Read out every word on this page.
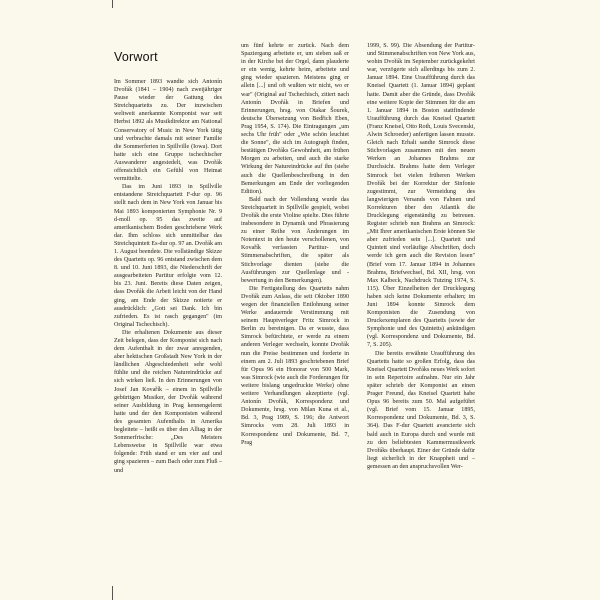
Vorwort

Im Sommer 1893 wandte sich Antonín Dvořák (1841 – 1904) nach zweijähriger Pause wieder der Gattung des Streichquartetts zu. Der inzwischen weltweit anerkannte Komponist war seit Herbst 1892 als Musikdirektor am National Conservatory of Music in New York tätig und verbrachte damals mit seiner Familie die Sommerferien in Spillville (Iowa). Dort hatte sich eine Gruppe tschechischer Auswanderer angesiedelt, was Dvořák offensichtlich ein Gefühl von Heimat vermittelte.

Das im Juni 1893 in Spillville entstandene Streichquartett F-dur op. 96 stellt nach dem in New York von Januar bis Mai 1893 komponierten Symphonie Nr. 9 d-moll op. 95 das zweite auf amerikanischem Boden geschriebene Werk dar. Ihm schloss sich unmittelbar das Streichquintett Es-dur op. 97 an. Dvořák am 1. August beendete. Die vollständige Skizze des Quartetts op. 96 entstand zwischen dem 8. und 10. Juni 1893, die Niederschrift der ausgearbeiteten Partitur erfolgte vom 12. bis 23. Juni. Bereits diese Daten zeigen, dass Dvořák die Arbeit leicht von der Hand ging, am Ende der Skizze notierte er ausdrücklich: „Gott sei Dank. Ich bin zufrieden. Es ist rasch gegangen" (im Original Tschechisch).

Die erhaltenen Dokumente aus dieser Zeit belegen, dass der Komponist sich nach dem Aufenthalt in der zwar anregenden, aber hektischen Großstadt New York in der ländlichen Abgeschiedenheit sehr wohl fühlte und die reichen Natureindrücke auf sich wirken ließ. In den Erinnerungen von Josef Jan Kovařík – einem in Spillville gebürtigen Musiker, der Dvořák während seiner Ausbildung in Prag kennengelernt hatte und der den Komponisten während des gesamten Aufenthalts in Amerika begleitete – heißt es über den Alltag in der Sommerfrische: „Des Meisters Lebensweise in Spillville war etwa folgende: Früh stand er um vier auf und ging spazieren – zum Bach oder zum Fluß – und

um fünf kehrte er zurück. Nach dem Spaziergang arbeitete er, um sieben saß er in der Kirche bei der Orgel, dann plauderte er ein wenig, kehrte heim, arbeitete und ging wieder spazieren. Meistens ging er allein [...] und oft wußten wir nicht, wo er war" (Original auf Tschechisch, zitiert nach Antonín Dvořák in Briefen und Erinnerungen, hrsg. von Otakar Šourek, deutsche Übersetzung von Bedřich Eben, Prag 1954, S. 174). Die Eintragungen „um sechs Uhr früh" oder „Wie schön leuchtet die Sonne", die sich im Autograph finden, bestätigen Dvořáks Gewohnheit, am frühen Morgen zu arbeiten, und auch die starke Wirkung der Natureindrücke auf ihn (siehe auch die Quellenbeschreibung in den Bemerkungen am Ende der vorliegenden Edition).

Bald nach der Vollendung wurde das Streichquartett in Spillville gespielt, wobei Dvořák die erste Violine spielte. Dies führte insbesondere in Dynamik und Phrasierung zu einer Reihe von Änderungen im Notentext in den heute verschollenen, von Kovařík verfassten Partitur- und Stimmenabschriften, die später als Stichvorlage dienten (siehe die Ausführungen zur Quellenlage und -bewertung in den Bemerkungen).

Die Fertigstellung des Quartetts nahm Dvořák zum Anlass, die seit Oktober 1890 wegen der finanziellen Entlohnung seiner Werke andauernde Verstimmung mit seinem Hauptverleger Fritz Simrock in Berlin zu bereinigen. Da er wusste, dass Simrock befürchtete, er werde zu einem anderen Verleger wechseln, konnte Dvořák nun die Preise bestimmen und forderte in einem am 2. Juli 1893 geschriebenen Brief für Opus 96 ein Honorar von 500 Mark, was Simrock (wie auch die Forderungen für weitere bislang ungedruckte Werke) ohne weitere Verhandlungen akzeptierte (vgl. Antonín Dvořák, Korrespondenz und Dokumente, hrsg. von Milan Kuna et al., Bd. 3, Prag 1989, S. 196; die Antwort Simrocks vom 28. Juli 1893 in Korrespondenz und Dokumente, Bd. 7, Prag

1999, S. 99). Die Absendung der Partitur- und Stimmenabschriften von New York aus, wohin Dvořák im September zurückgekehrt war, verzögerte sich allerdings bis zum 2. Januar 1894. Eine Uraufführung durch das Kneisel Quartett (1. Januar 1894) geplant hatte. Damit aber die Gründe, dass Dvořák eine weitere Kopie der Stimmen für die am 1. Januar 1894 in Boston stattfindende Uraufführung durch das Kneisel Quartett (Franz Kneisel, Otto Roth, Louis Svecenski, Alwin Schroeder) anfertigen lassen musste. Gleich nach Erhalt sandte Simrock diese Stichvorlagen zusammen mit den neuen Werken an Johannes Brahms zur Durchsicht. Brahms hatte dem Verleger Simrock bei vielen früheren Werken Dvořák bei der Korrektur der Sinfonie zugestimmt, zur Vermeidung des langwierigen Versands von Fahnen und Korrekturen über den Atlantik die Drucklegung eigenständig zu betreuen. Register schrieb nun Brahms an Simrock: „Mit Ihrer amerikanischen Erste können Sie aber zufrieden sein [...]. Quartett und Quintett sind vorläufige Abschriften, doch werde ich gern auch die Revision lesen" (Brief vom 17. Januar 1894 in Johannes Brahms, Briefwechsel, Bd. XII, hrsg. von Max Kalbeck, Nachdruck Tutzing 1974, S. 115). Über Einzelheiten der Drucklegung haben sich keine Dokumente erhalten; im Juni 1894 konnte Simrock dem Komponisten die Zusendung von Druckexemplaren des Quartetts (sowie der Symphonie und des Quintetts) ankündigen (vgl. Korrespondenz und Dokumente, Bd. 7, S. 205).

Die bereits erwähnte Uraufführung des Quartetts hatte so großen Erfolg, dass das Kneisel Quartett Dvořáks neues Werk sofort in sein Repertoire aufnahm. Nur ein Jahr später schrieb der Komponist an einen Prager Freund, das Kneisel Quartett habe Opus 96 bereits zum 50. Mal aufgeführt (vgl. Brief vom 15. Januar 1895, Korrespondenz und Dokumente, Bd. 3, S. 364). Das F-dur Quartett avancierte sich bald auch in Europa durch und wurde mit zu den beliebtesten Kammermusikwerk Dvořáks überhaupt. Einer der Gründe dafür liegt sicherlich in der Knappheit und – gemessen an den anspruchsvollen Wer-
